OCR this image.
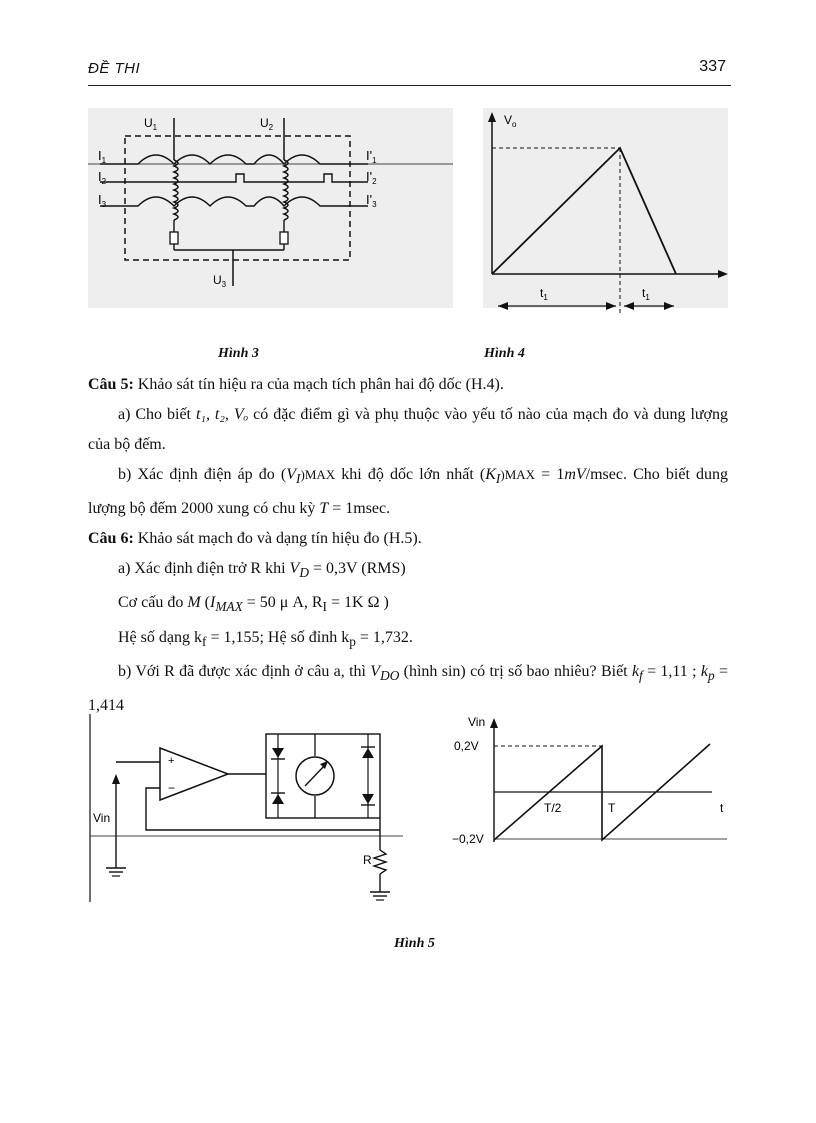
ĐỀ THI	337
$U_1$	$U_2$
$U_3$
$I_1$
$I_2$
$I_3$
$I'_1$
$I'_2$
$I'_3$
$V_o$
$t_1$	$t_1$
Hình 3	Hình 4

Câu 5: Khảo sát tín hiệu ra của mạch tích phân hai độ dốc (H.4).

a) Cho biết t₁, t₂, Vₒ có đặc điểm gì và phụ thuộc vào yếu tố nào của mạch đo và dung lượng của bộ đếm.

b) Xác định điện áp đo $(V_I)MAX$ khi độ dốc lớn nhất $(K_I)MAX = 1mV/msec$. Cho biết dung lượng bộ đếm 2000 xung có chu kỳ T = 1msec.

Câu 6: Khảo sát mạch đo và dạng tín hiệu đo (H.5).

a) Xác định điện trở R khi $V_D = 0,3V$ (RMS)

Cơ cấu đo M ($I_{MAX} = 50$ μ A, $R_I = 1K$ Ω )

Hệ số dạng $k_f = 1,155$; Hệ số đỉnh $k_p = 1,732$.

b) Với R đã được xác định ở câu a, thì $V_{DO}$ (hình sin) có trị số bao nhiêu? Biết $k_f = 1,11$ ; $k_p = 1,414$

Vin
+
−
R
Vin
0,2V
−0,2V
T/2	T	t
Hình 5
